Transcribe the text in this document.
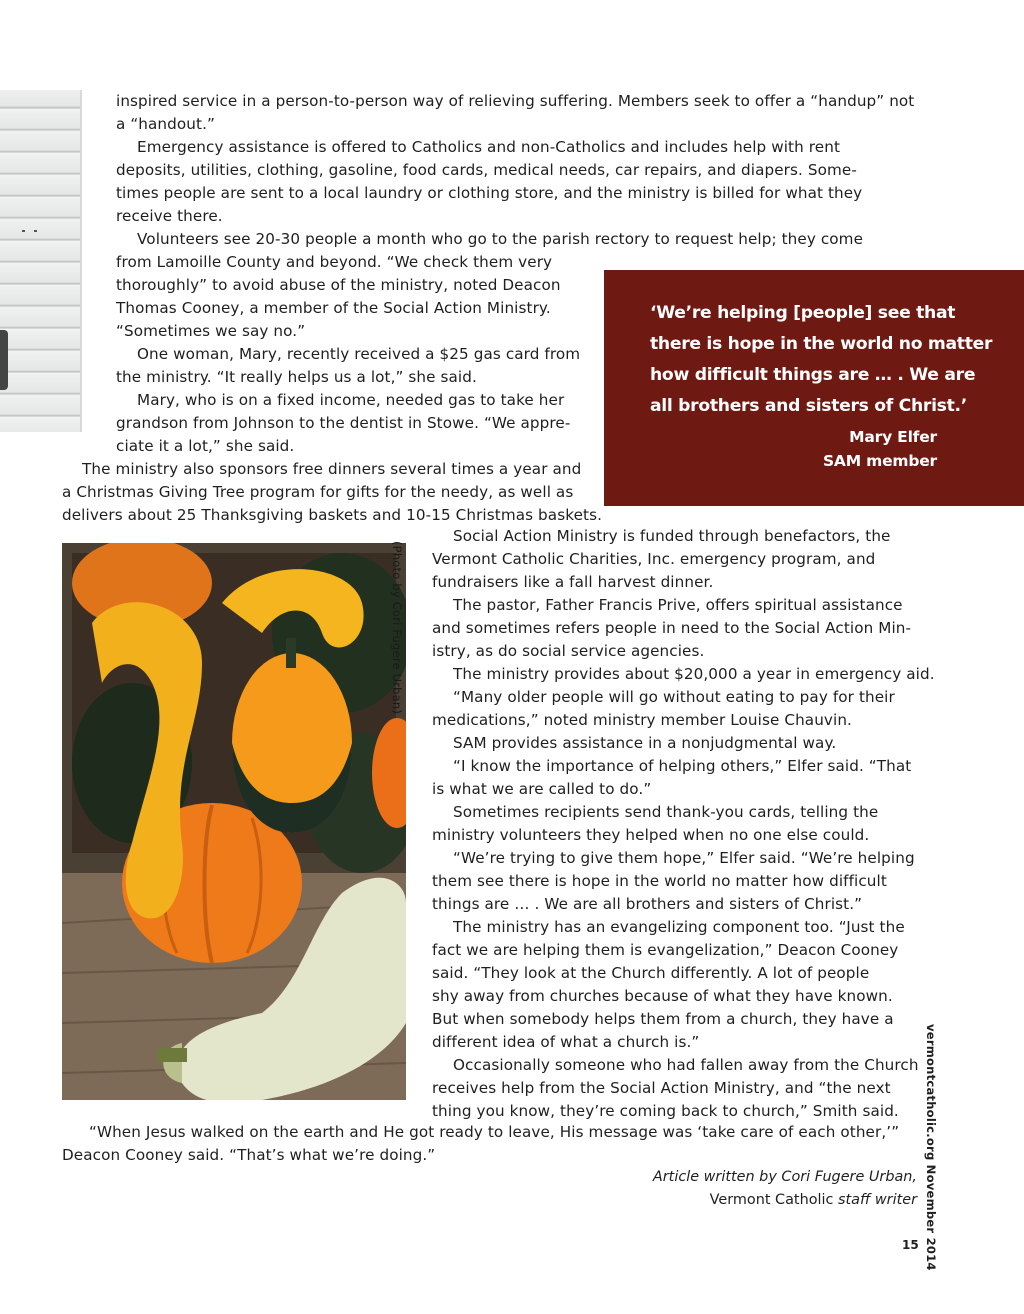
inspired service in a person-to-person way of relieving suffering. Members seek to offer a “handup” not
a “handout.”
Emergency assistance is offered to Catholics and non-Catholics and includes help with rent
deposits, utilities, clothing, gasoline, food cards, medical needs, car repairs, and diapers. Some-
times people are sent to a local laundry or clothing store, and the ministry is billed for what they
receive there.
Volunteers see 20-30 people a month who go to the parish rectory to request help; they come
from Lamoille County and beyond. “We check them very
thoroughly” to avoid abuse of the ministry, noted Deacon
Thomas Cooney, a member of the Social Action Ministry.
“Sometimes we say no.”
One woman, Mary, recently received a $25 gas card from
the ministry. “It really helps us a lot,” she said.
Mary, who is on a fixed income, needed gas to take her
grandson from Johnson to the dentist in Stowe. “We appre-
ciate it a lot,” she said.
The ministry also sponsors free dinners several times a year and
a Christmas Giving Tree program for gifts for the needy, as well as
delivers about 25 Thanksgiving baskets and 10-15 Christmas baskets.
‘We’re helping [people] see that
there is hope in the world no matter
how difficult things are … . We are
all brothers and sisters of Christ.’
Mary Elfer
SAM member
(Photo by Cori Fugere Urban)
Social Action Ministry is funded through benefactors, the
Vermont Catholic Charities, Inc. emergency program, and
fundraisers like a fall harvest dinner.
The pastor, Father Francis Prive, offers spiritual assistance
and sometimes refers people in need to the Social Action Min-
istry, as do social service agencies.
The ministry provides about $20,000 a year in emergency aid.
“Many older people will go without eating to pay for their
medications,” noted ministry member Louise Chauvin.
SAM provides assistance in a nonjudgmental way.
“I know the importance of helping others,” Elfer said. “That
is what we are called to do.”
Sometimes recipients send thank-you cards, telling the
ministry volunteers they helped when no one else could.
“We’re trying to give them hope,” Elfer said. “We’re helping
them see there is hope in the world no matter how difficult
things are … . We are all brothers and sisters of Christ.”
The ministry has an evangelizing component too. “Just the
fact we are helping them is evangelization,” Deacon Cooney
said. “They look at the Church differently. A lot of people
shy away from churches because of what they have known.
But when somebody helps them from a church, they have a
different idea of what a church is.”
Occasionally someone who had fallen away from the Church
receives help from the Social Action Ministry, and “the next
thing you know, they’re coming back to church,” Smith said.
“When Jesus walked on the earth and He got ready to leave, His message was ‘take care of each other,’”
Deacon Cooney said. “That’s what we’re doing.”
Article written by Cori Fugere Urban,
Vermont Catholic staff writer vermontcatholic.org November 2014
15
